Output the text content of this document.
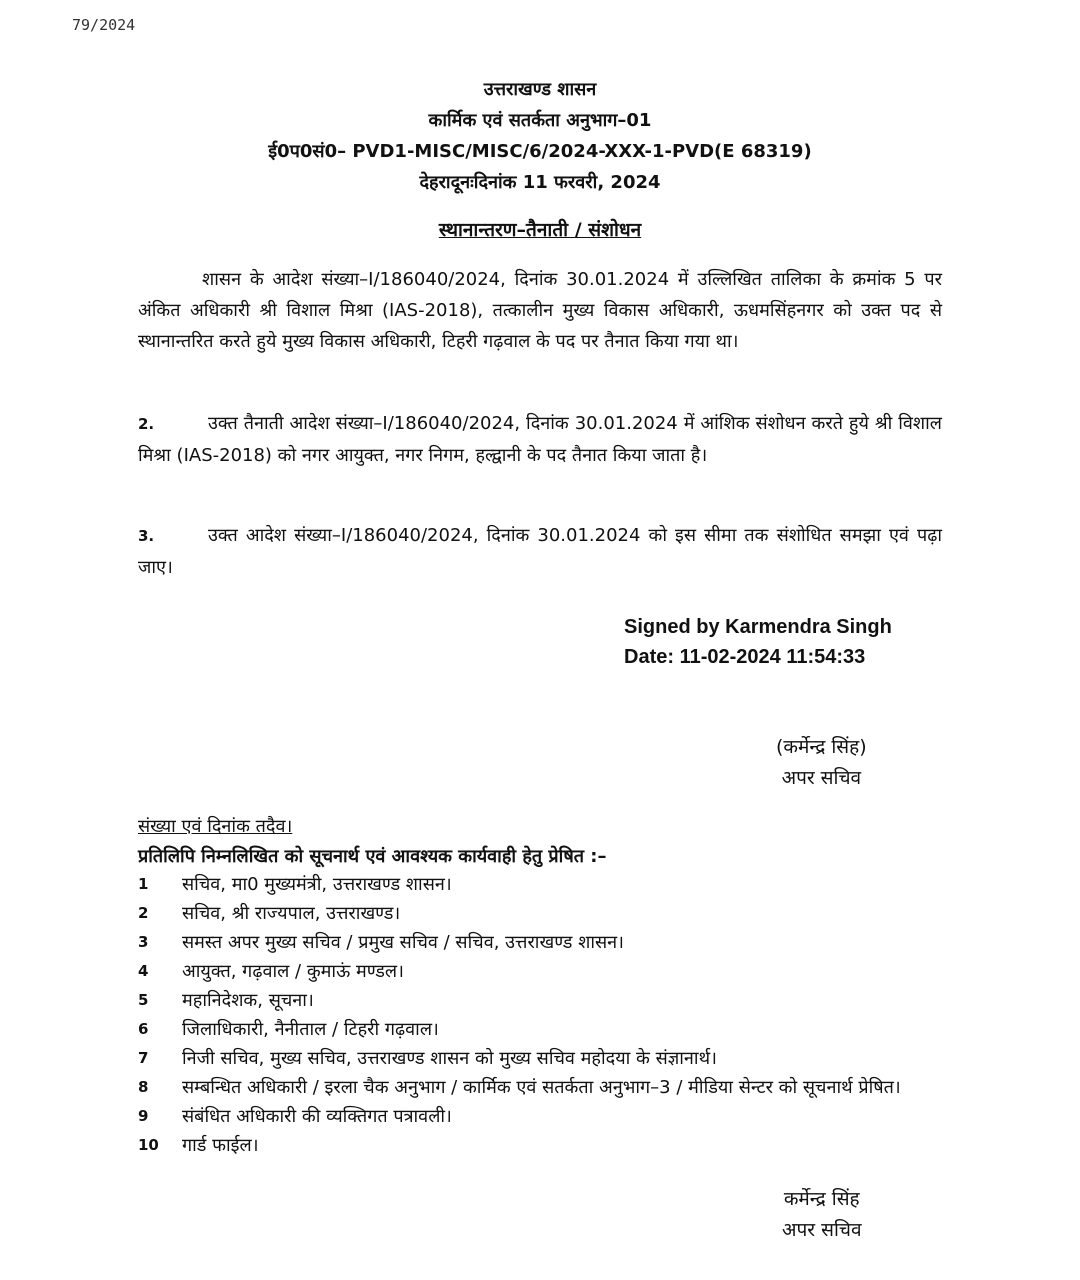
79/2024
उत्तराखण्ड शासन
कार्मिक एवं सतर्कता अनुभाग–01
ई0प0सं0– PVD1-MISC/MISC/6/2024-XXX-1-PVD(E 68319)
देहरादूनःदिनांक 11 फरवरी, 2024
स्थानान्तरण–तैनाती / संशोधन
शासन के आदेश संख्या–I/186040/2024, दिनांक 30.01.2024 में उल्लिखित तालिका के क्रमांक 5 पर अंकित अधिकारी श्री विशाल मिश्रा (IAS-2018), तत्कालीन मुख्य विकास अधिकारी, ऊधमसिंहनगर को उक्त पद से स्थानान्तरित करते हुये मुख्य विकास अधिकारी, टिहरी गढ़वाल के पद पर तैनात किया गया था।
2.	उक्त तैनाती आदेश संख्या–I/186040/2024, दिनांक 30.01.2024 में आंशिक संशोधन करते हुये श्री विशाल मिश्रा (IAS-2018) को नगर आयुक्त, नगर निगम, हल्द्वानी के पद तैनात किया जाता है।
3.	उक्त आदेश संख्या–I/186040/2024, दिनांक 30.01.2024 को इस सीमा तक संशोधित समझा एवं पढ़ा जाए।
Signed by Karmendra Singh
Date: 11-02-2024 11:54:33
(कर्मेन्द्र सिंह)
अपर सचिव
संख्या एवं दिनांक तदैव।
प्रतिलिपि निम्नलिखित को सूचनार्थ एवं आवश्यक कार्यवाही हेतु प्रेषित :–
1	सचिव, मा0 मुख्यमंत्री, उत्तराखण्ड शासन।
2	सचिव, श्री राज्यपाल, उत्तराखण्ड।
3	समस्त अपर मुख्य सचिव / प्रमुख सचिव / सचिव, उत्तराखण्ड शासन।
4	आयुक्त, गढ़वाल / कुमाऊं मण्डल।
5	महानिदेशक, सूचना।
6	जिलाधिकारी, नैनीताल / टिहरी गढ़वाल।
7	निजी सचिव, मुख्य सचिव, उत्तराखण्ड शासन को मुख्य सचिव महोदया के संज्ञानार्थ।
8	सम्बन्धित अधिकारी / इरला चैक अनुभाग / कार्मिक एवं सतर्कता अनुभाग–3 / मीडिया सेन्टर को सूचनार्थ प्रेषित।
9	संबंधित अधिकारी की व्यक्तिगत पत्रावली।
10	गार्ड फाईल।
कर्मेन्द्र सिंह
अपर सचिव
